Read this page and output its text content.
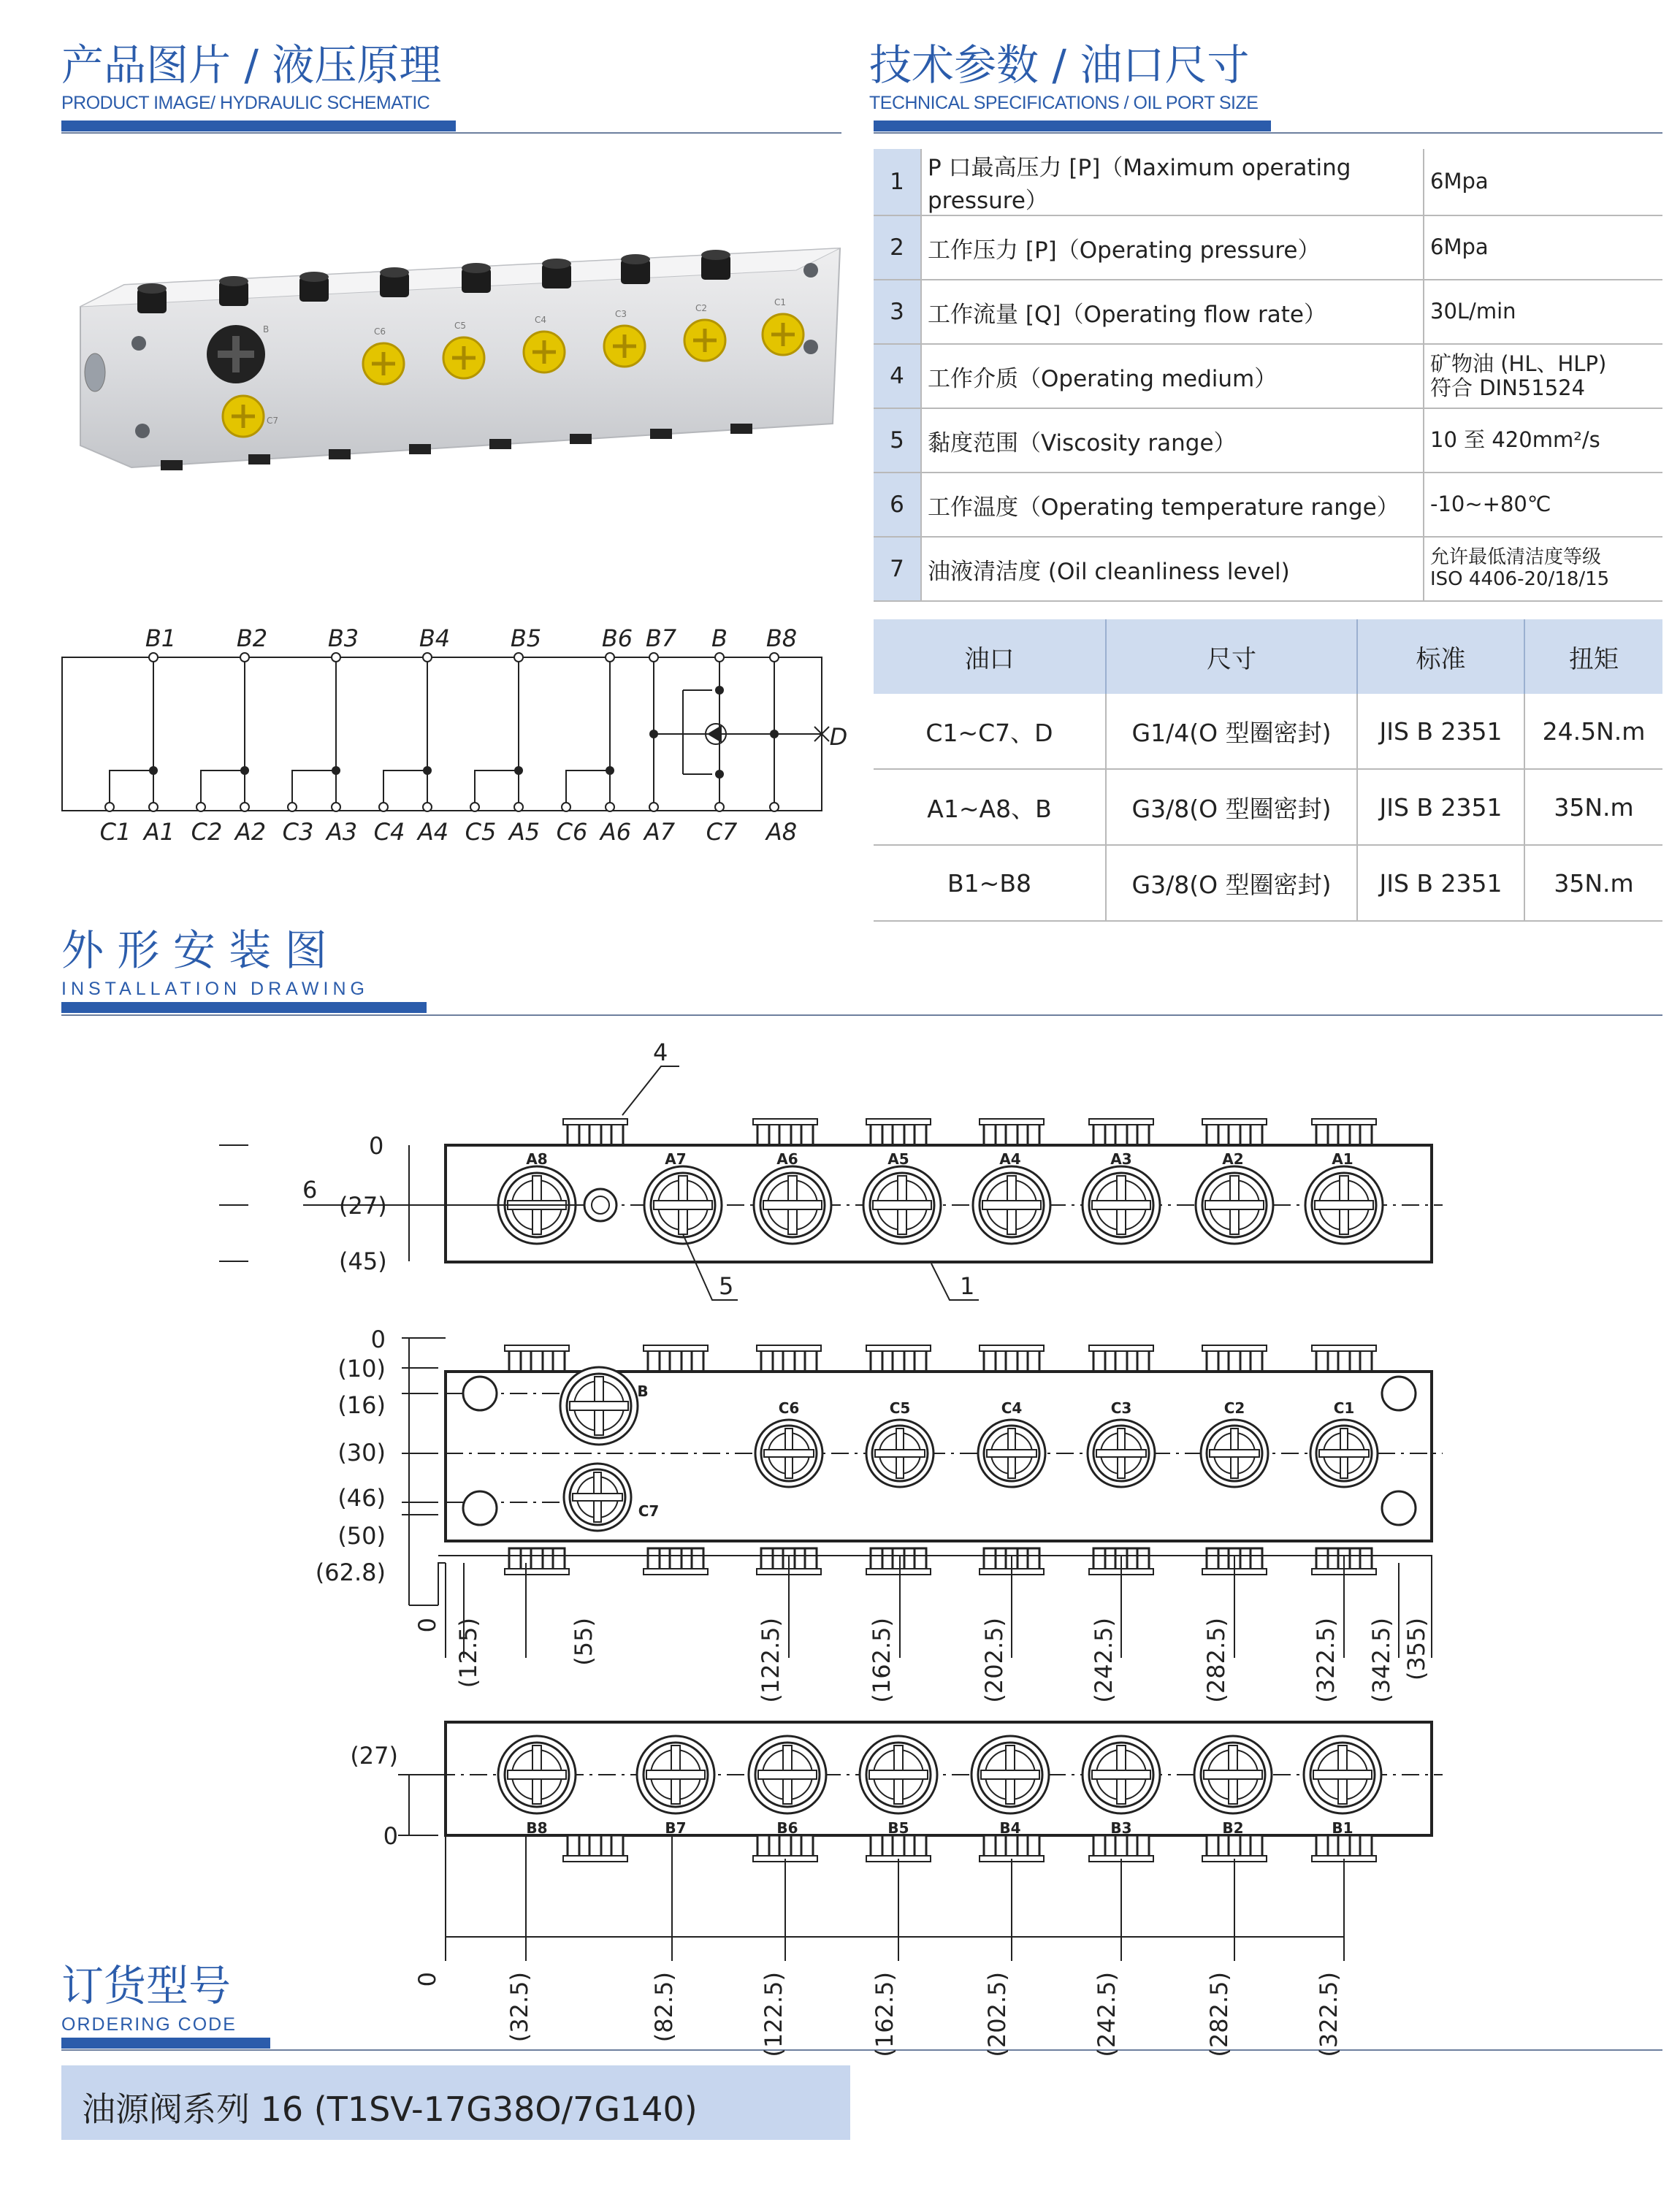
产品图片 / 液压原理
PRODUCT IMAGE/ HYDRAULIC SCHEMATIC
技术参数 / 油口尺寸
TECHNICAL SPECIFICATIONS / OIL PORT SIZE
外 形 安 装 图
INSTALLATION DRAWING
订货型号
ORDERING CODE
B
C7
C6
C5
C4
C3
C2
C1
B1	B2	B3	B4	B5	B6 B7 B B8
C1 A1 C2 A2 C3 A3 C4 A4 C5 A5 C6 A6 A7 C7 A8
D
1	P 口最高压力 [P]（Maximum operating pressure）	6Mpa
2	工作压力 [P]（Operating pressure）	6Mpa
3	工作流量 [Q]（Operating flow rate）	30L/min
4	工作介质（Operating medium）	矿物油 (HL、HLP)
符合 DIN51524

5	黏度范围（Viscosity range）	10 至 420mm²/s
6	工作温度（Operating temperature range）	-10~+80℃
7	油液清洁度 (Oil cleanliness level)	允许最低清洁度等级
ISO 4406-20/18/15
油口	尺寸	标准	扭矩
C1~C7、D	G1/4(O 型圈密封)	JIS B 2351	24.5N.m
A1~A8、B	G3/8(O 型圈密封)	JIS B 2351	35N.m
B1~B8	G3/8(O 型圈密封)	JIS B 2351	35N.m
4
6
5	1
0
(27)
(45)
A8	A7	A6	A5	A4	A3	A2	A1
0
(10)
(16)
(30)
(46)
(50)
(62.8)
0 (12.5)	(55)	(122.5)	(162.5)	(202.5)	(242.5)	(282.5)	(322.5) (342.5) (355)
B
C7
C6	C5	C4	C3	C2	C1
(27)
0
0	(32.5)	(82.5)	(122.5)	(162.5)	(202.5)	(242.5)	(282.5)	(322.5)
B8	B7	B6	B5	B4	B3	B2	B1
油源阀系列 16 (T1SV-17G38O/7G140)
